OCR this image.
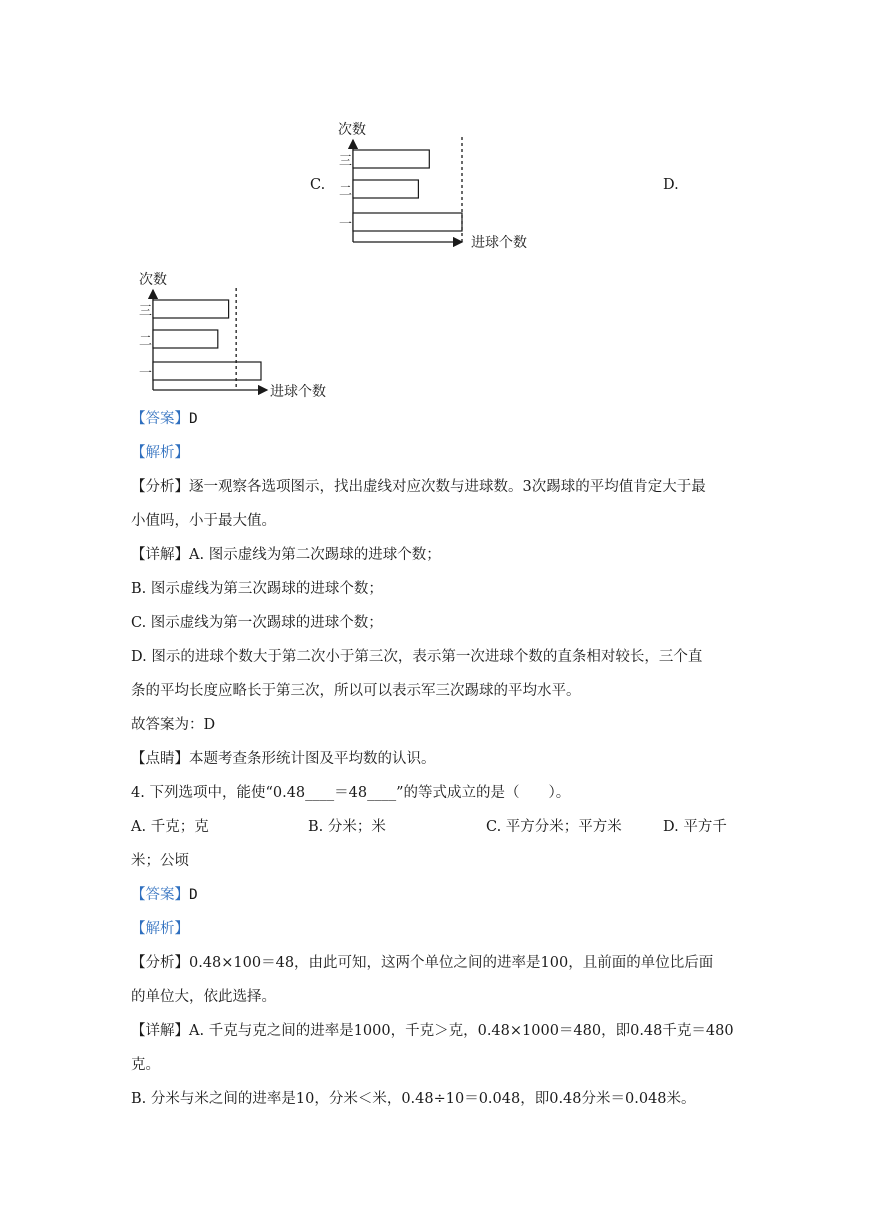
C.	D.
次数
进球个数
三
二
一
次数
进球个数
三
二
一
【答案】D
【解析】
【分析】逐一观察各选项图示，找出虚线对应次数与进球数。3次踢球的平均值肯定大于最
小值吗，小于最大值。
【详解】A. 图示虚线为第二次踢球的进球个数；
B. 图示虚线为第三次踢球的进球个数；
C. 图示虚线为第一次踢球的进球个数；
D. 图示的进球个数大于第二次小于第三次，表示第一次进球个数的直条相对较长，三个直
条的平均长度应略长于第三次，所以可以表示军三次踢球的平均水平。
故答案为：D
【点睛】本题考查条形统计图及平均数的认识。
4. 下列选项中，能使“0.48____＝48____”的等式成立的是（　　）。
A. 千克；克	B. 分米；米	C. 平方分米；平方米	D. 平方千
米；公顷
【答案】D
【解析】
【分析】0.48×100＝48，由此可知，这两个单位之间的进率是100，且前面的单位比后面
的单位大，依此选择。
【详解】A. 千克与克之间的进率是1000，千克＞克，0.48×1000＝480，即0.48千克＝480
克。
B. 分米与米之间的进率是10，分米＜米，0.48÷10＝0.048，即0.48分米＝0.048米。
